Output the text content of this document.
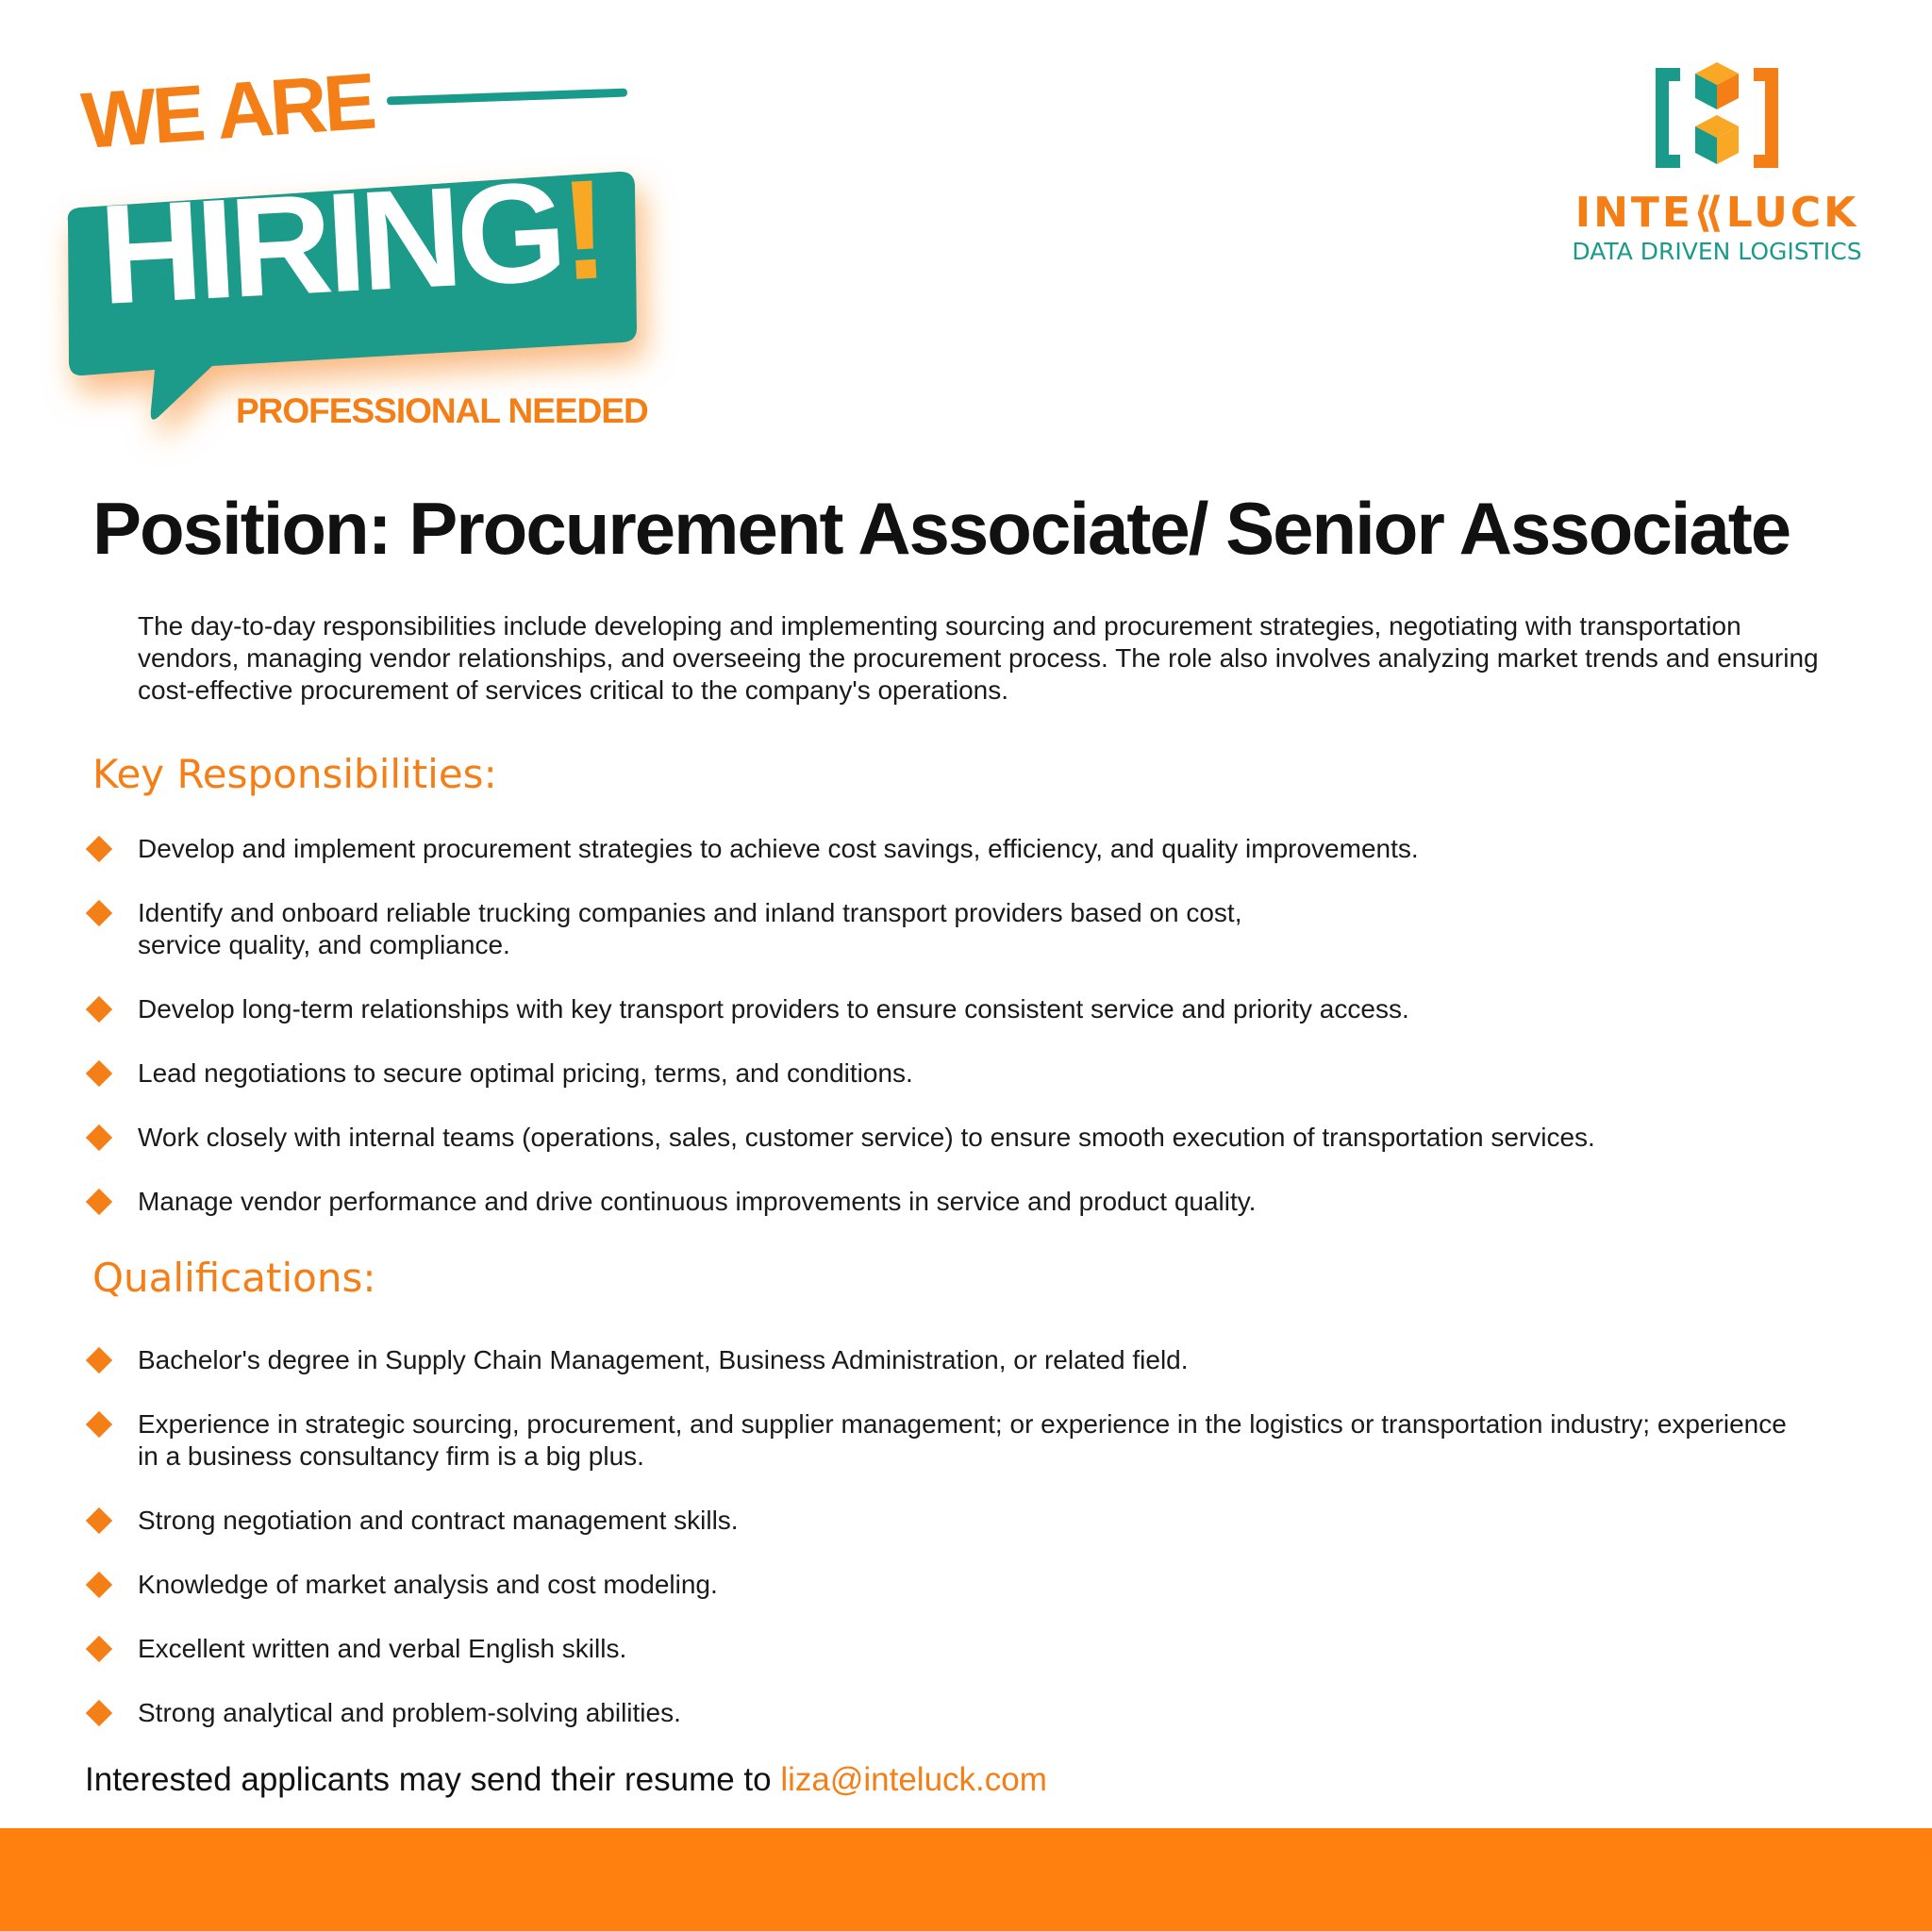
WE ARE
HIRING!
PROFESSIONAL NEEDED
INTE⟪LUCK
DATA DRIVEN LOGISTICS
Position: Procurement Associate/ Senior Associate

The day-to-day responsibilities include developing and implementing sourcing and procurement strategies, negotiating with transportation vendors, managing vendor relationships, and overseeing the procurement process. The role also involves analyzing market trends and ensuring cost-effective procurement of services critical to the company's operations.

Key Responsibilities:

Develop and implement procurement strategies to achieve cost savings, efficiency, and quality improvements.

Identify and onboard reliable trucking companies and inland transport providers based on cost,
service quality, and compliance.

Develop long-term relationships with key transport providers to ensure consistent service and priority access.

Lead negotiations to secure optimal pricing, terms, and conditions.

Work closely with internal teams (operations, sales, customer service) to ensure smooth execution of transportation services.

Manage vendor performance and drive continuous improvements in service and product quality.

Qualifications:

Bachelor's degree in Supply Chain Management, Business Administration, or related field.

Experience in strategic sourcing, procurement, and supplier management; or experience in the logistics or transportation industry; experience in a business consultancy firm is a big plus.

Strong negotiation and contract management skills.

Knowledge of market analysis and cost modeling.

Excellent written and verbal English skills.

Strong analytical and problem-solving abilities.

Interested applicants may send their resume to liza@inteluck.com
